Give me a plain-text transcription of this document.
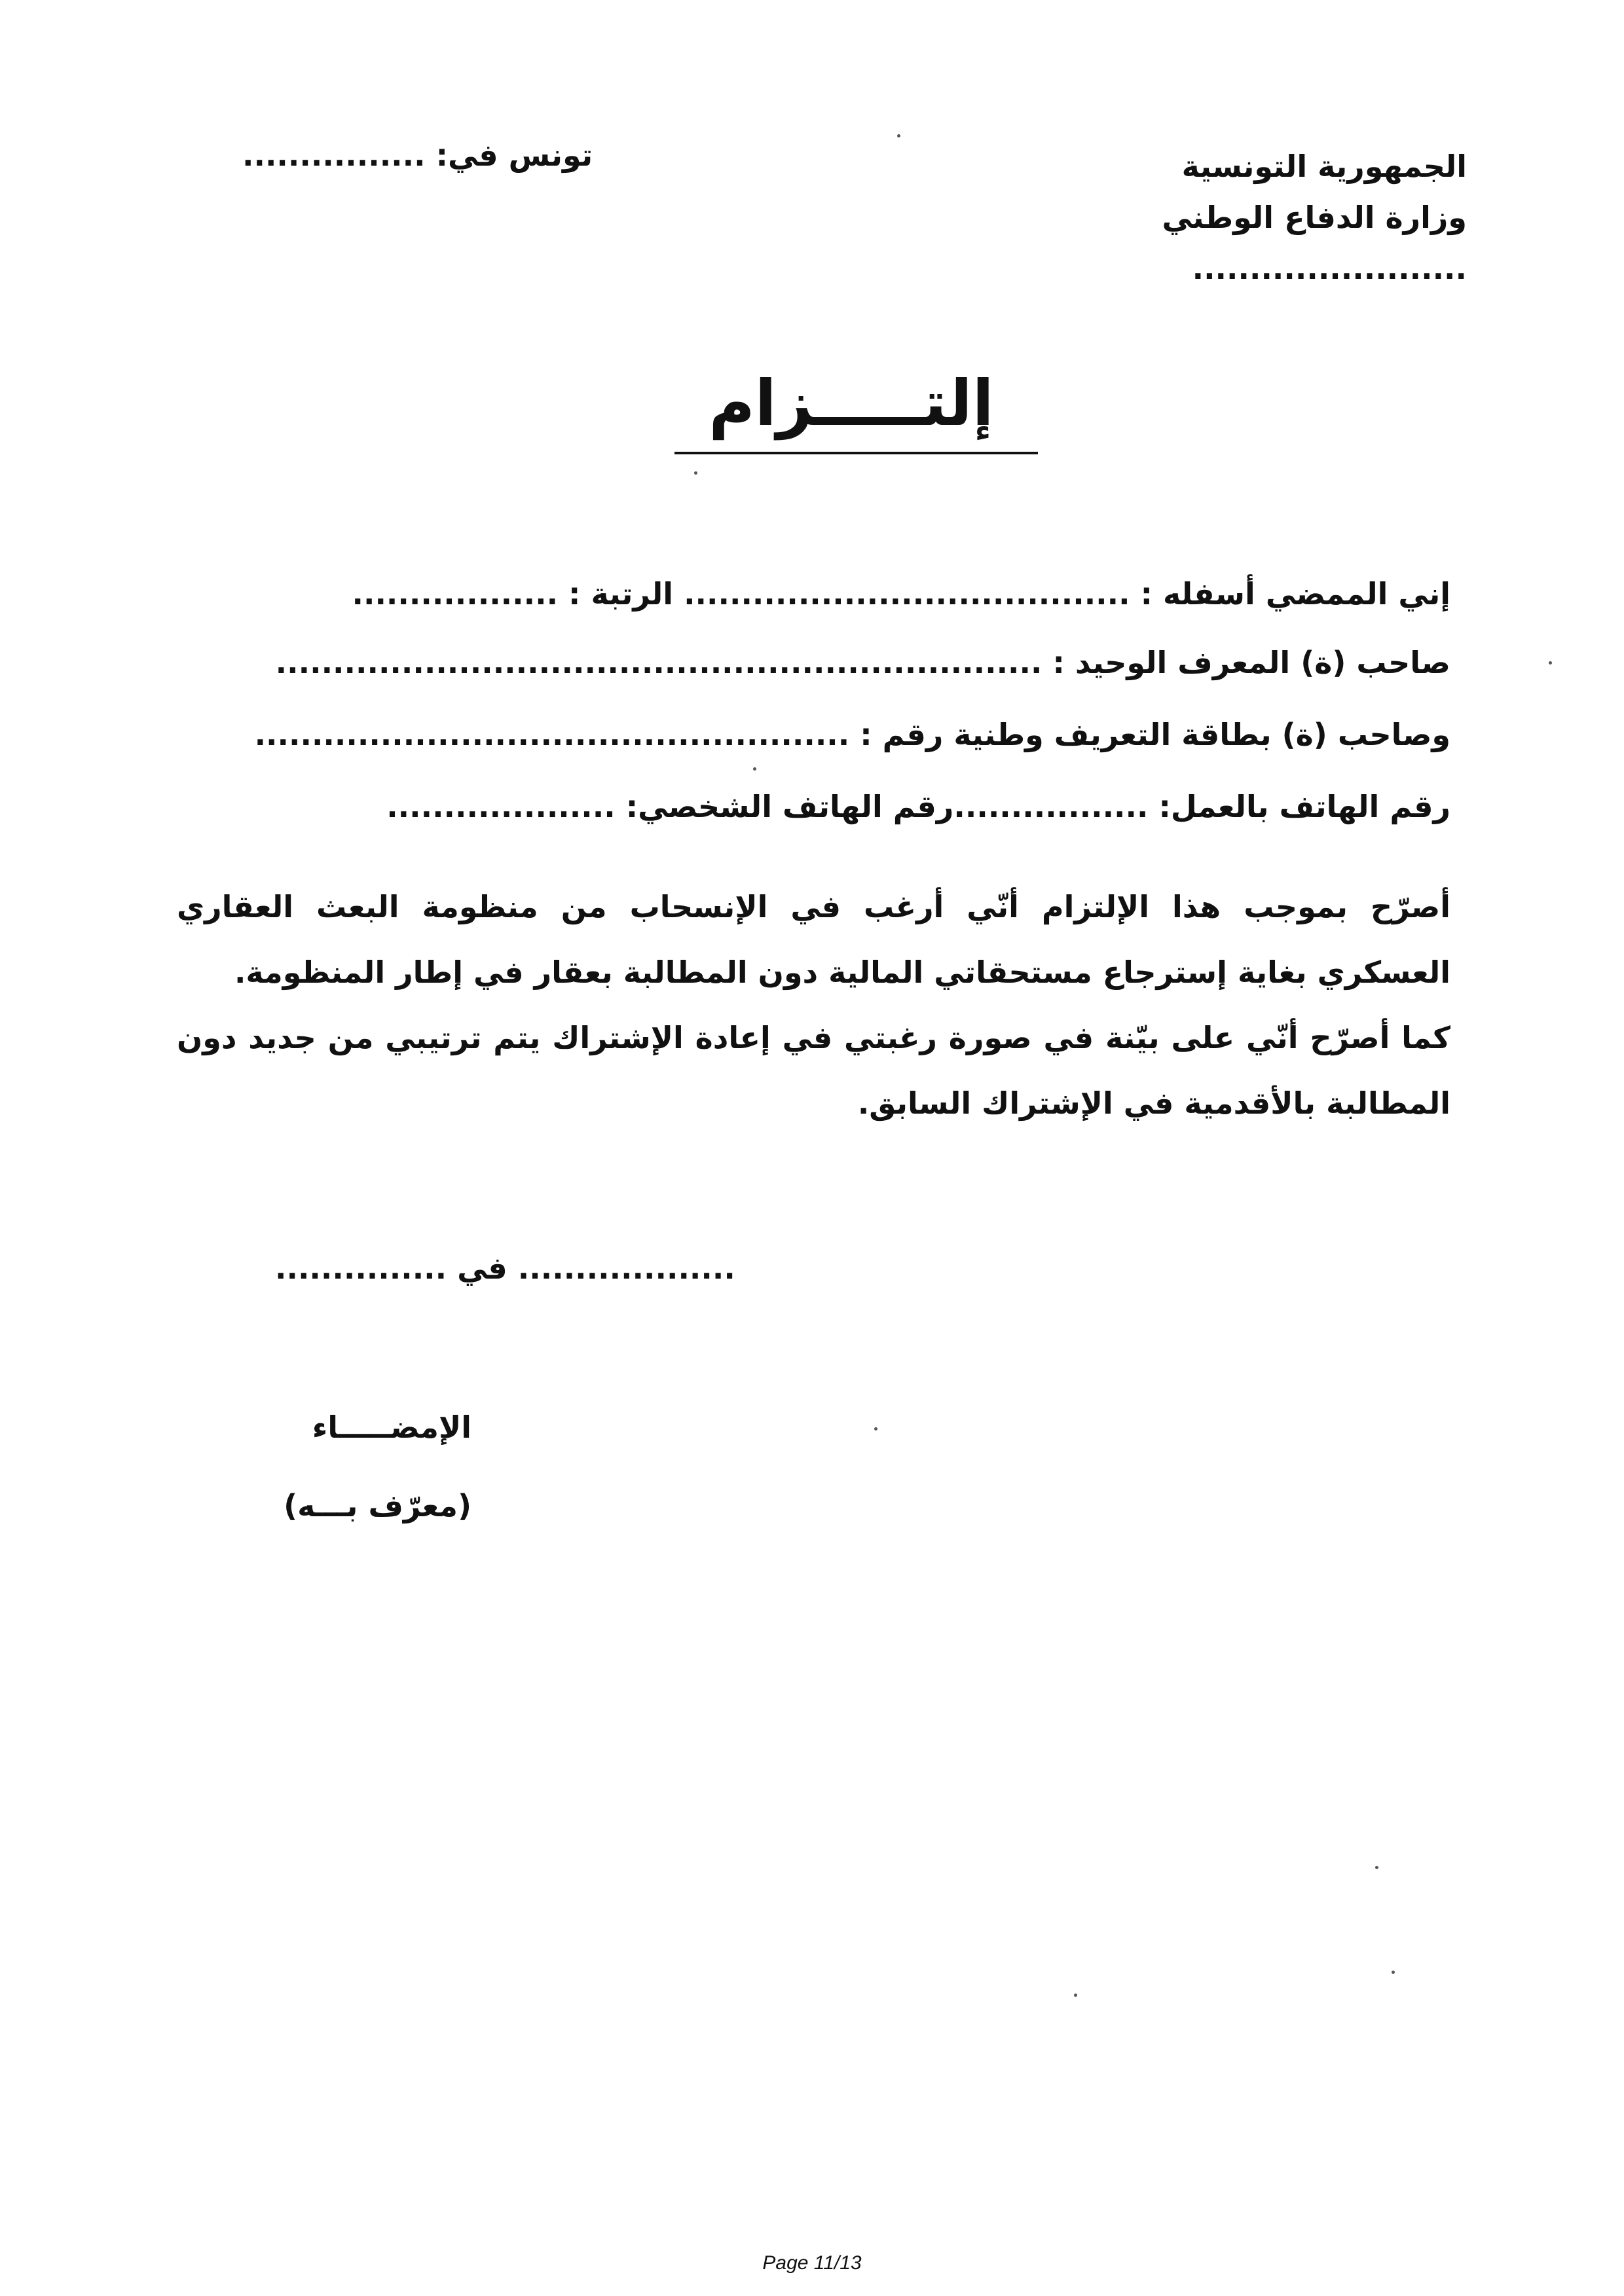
الجمهورية التونسية
وزارة الدفاع الوطني
........................
تونس في: ................
إلتـــــزام
إني الممضي أسفله : ....................................... الرتبة : ..................
صاحب (ة) المعرف الوحيد : ...................................................................
وصاحب (ة) بطاقة التعريف وطنية رقم : ....................................................
رقم الهاتف بالعمل: .................رقم الهاتف الشخصي: ....................
أصرّح بموجب هذا الإلتزام أنّي أرغب في الإنسحاب من منظومة البعث العقاري العسكري بغاية إسترجاع مستحقاتي المالية دون المطالبة بعقار في إطار المنظومة.
كما أصرّح أنّي على بيّنة في صورة رغبتي في إعادة الإشتراك يتم ترتيبي من جديد دون المطالبة بالأقدمية في الإشتراك السابق.
................... في ...............
الإمضـــــاء
(معرّف بـــه)
Page 11/13
